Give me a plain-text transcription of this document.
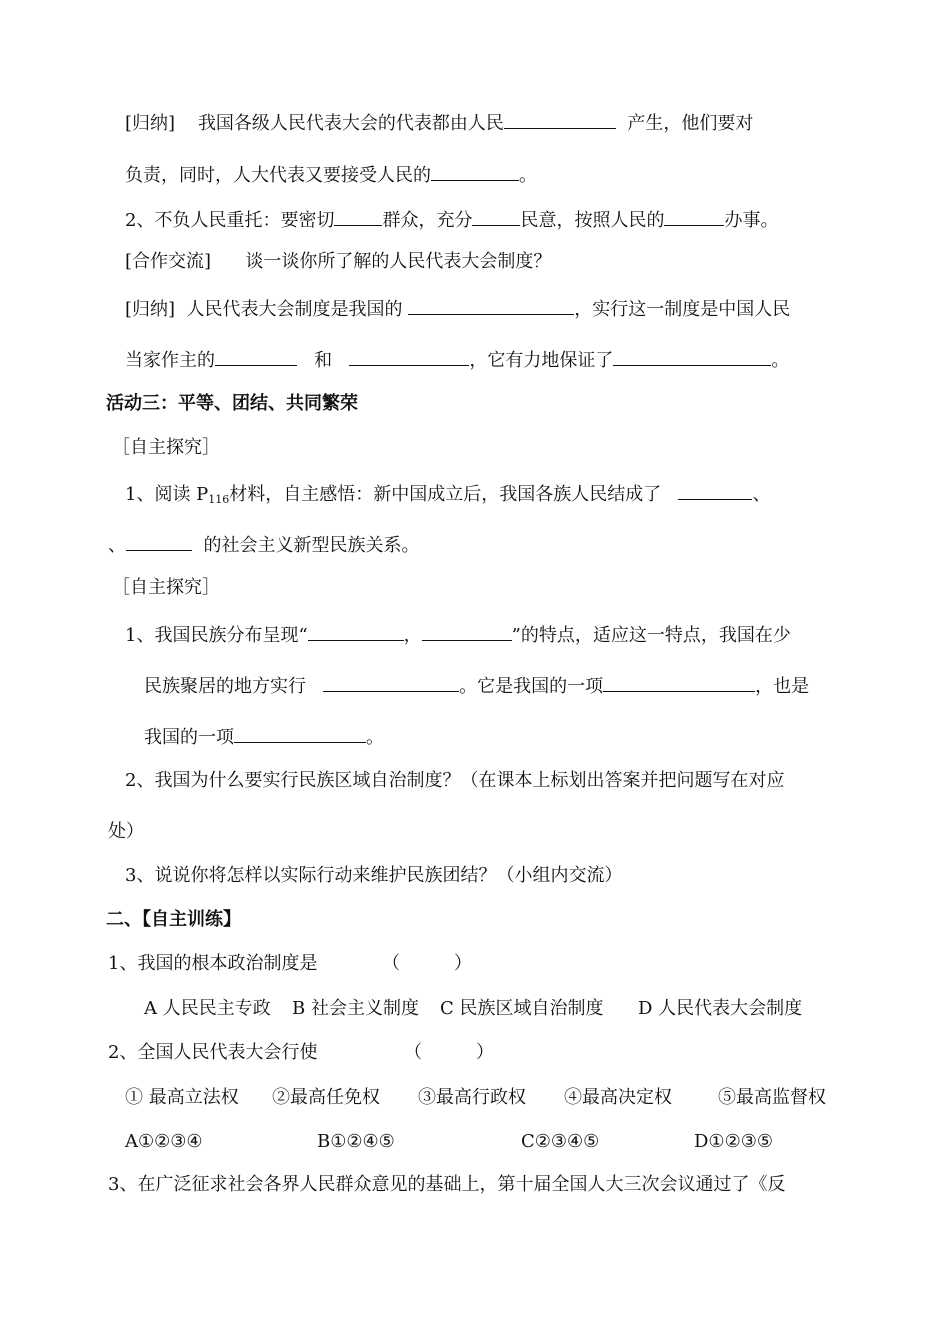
[归纳] 我国各级人民代表大会的代表都由人民	产生，他们要对
负责，同时，人大代表又要接受人民的	。
2、不负人民重托：要密切	群众，充分	民意，按照人民的	办事。
[合作交流] 谈一谈你所了解的人民代表大会制度？
[归纳] 人民代表大会制度是我国的	，实行这一制度是中国人民
当家作主的	和	，它有力地保证了	。
活动三：平等、团结、共同繁荣
［自主探究］
1、阅读 $P_{116}$材料，自主感悟：新中国成立后，我国各族人民结成了	、
、	的社会主义新型民族关系。
［自主探究］
1、我国民族分布呈现“	，	”的特点，适应这一特点，我国在少
民族聚居的地方实行	。它是我国的一项	，也是
我国的一项	。
2、我国为什么要实行民族区域自治制度？（在课本上标划出答案并把问题写在对应
处）
3、说说你将怎样以实际行动来维护民族团结？（小组内交流）
二、【自主训练】
1、我国的根本政治制度是	（　　　）
A 人民民主专政 B 社会主义制度 C 民族区域自治制度 D 人民代表大会制度
2、全国人民代表大会行使	（　　　）
① 最高立法权 ②最高任免权 ③最高行政权 ④最高决定权	⑤最高监督权
A①②③④	B①②④⑤	C②③④⑤	D①②③⑤
3、在广泛征求社会各界人民群众意见的基础上，第十届全国人大三次会议通过了《反
